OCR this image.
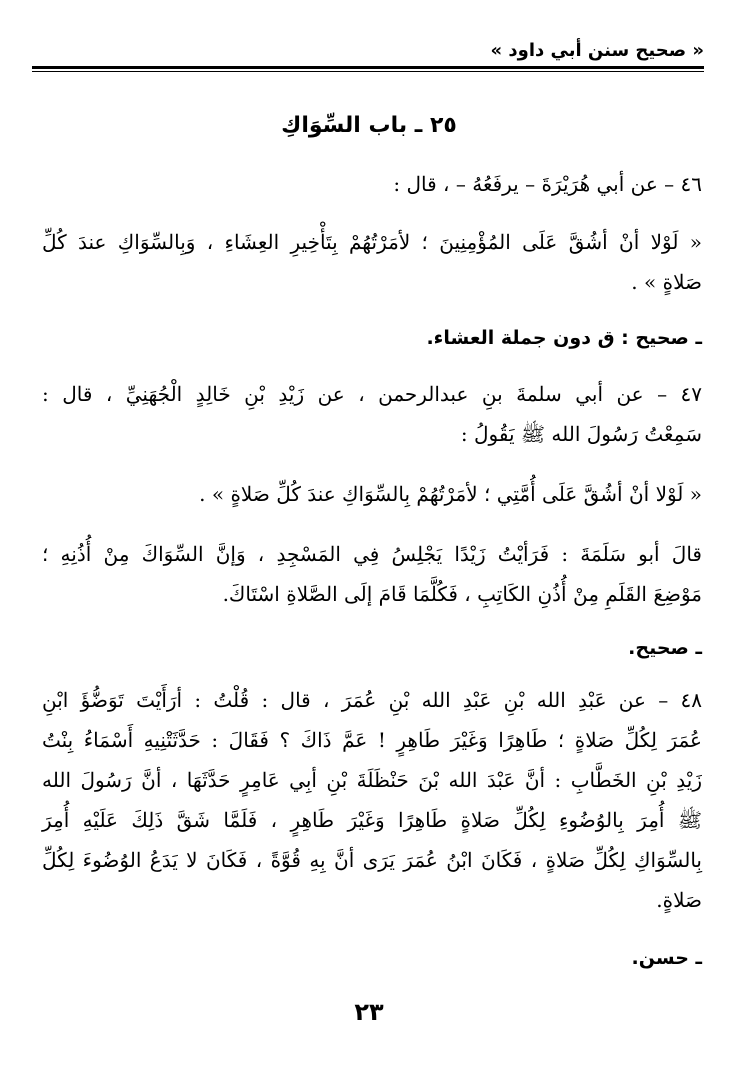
« صحيح سنن أبي داود »
٢٥ ـ باب السِّوَاكِ
٤٦ – عن أبي هُرَيْرَةَ – يرفَعُهُ – ، قال :
« لَوْلا أنْ أشُقَّ عَلَى المُؤْمِنِينَ ؛ لأمَرْتُهُمْ بِتَأْخِيرِ العِشَاءِ ، وَبِالسِّوَاكِ عندَ كُلِّ
صَلاةٍ » .
ـ صحيح : ق دون جملة العشاء.
٤٧ – عن أبي سلمةَ بنِ عبدالرحمن ، عن زَيْدِ بْنِ خَالِدٍ الْجُهَنِيِّ ، قال :
سَمِعْتُ رَسُولَ الله ﷺ يَقُولُ :
« لَوْلا أنْ أشُقَّ عَلَى أُمَّتِي ؛ لأمَرْتُهُمْ بِالسِّوَاكِ عندَ كُلِّ صَلاةٍ » .
قالَ أبو سَلَمَةَ : فَرَأيْتُ زَيْدًا يَجْلِسُ فِي المَسْجِدِ ، وَإنَّ السِّوَاكَ مِنْ أُذُنِهِ ؛
مَوْضِعَ القَلَمِ مِنْ أُذُنِ الكَاتِبِ ، فَكُلَّمَا قَامَ إلَى الصَّلاةِ اسْتَاكَ.
ـ صحيح.
٤٨ – عن عَبْدِ الله بْنِ عَبْدِ الله بْنِ عُمَرَ ، قال : قُلْتُ : أرَأَيْتَ تَوَضُّؤَ ابْنِ
عُمَرَ لِكُلِّ صَلاةٍ ؛ طَاهِرًا وَغَيْرَ طَاهِرٍ ! عَمَّ ذَاكَ ؟ فَقَالَ : حَدَّثَتْنِيهِ أَسْمَاءُ بِنْتُ
زَيْدِ بْنِ الخَطَّابِ : أنَّ عَبْدَ الله بْنَ حَنْظَلَةَ بْنِ أبِي عَامِرٍ حَدَّثَهَا ، أنَّ رَسُولَ الله
ﷺ أُمِرَ بِالوُضُوءِ لِكُلِّ صَلاةٍ طَاهِرًا وَغَيْرَ طَاهِرٍ ، فَلَمَّا شَقَّ ذَلِكَ عَلَيْهِ أُمِرَ
بِالسِّوَاكِ لِكُلِّ صَلاةٍ ، فَكَانَ ابْنُ عُمَرَ يَرَى أنَّ بِهِ قُوَّةً ، فَكَانَ لا يَدَعُ الوُضُوءَ لِكُلِّ
صَلاةٍ.
ـ حسن.
٢٣
